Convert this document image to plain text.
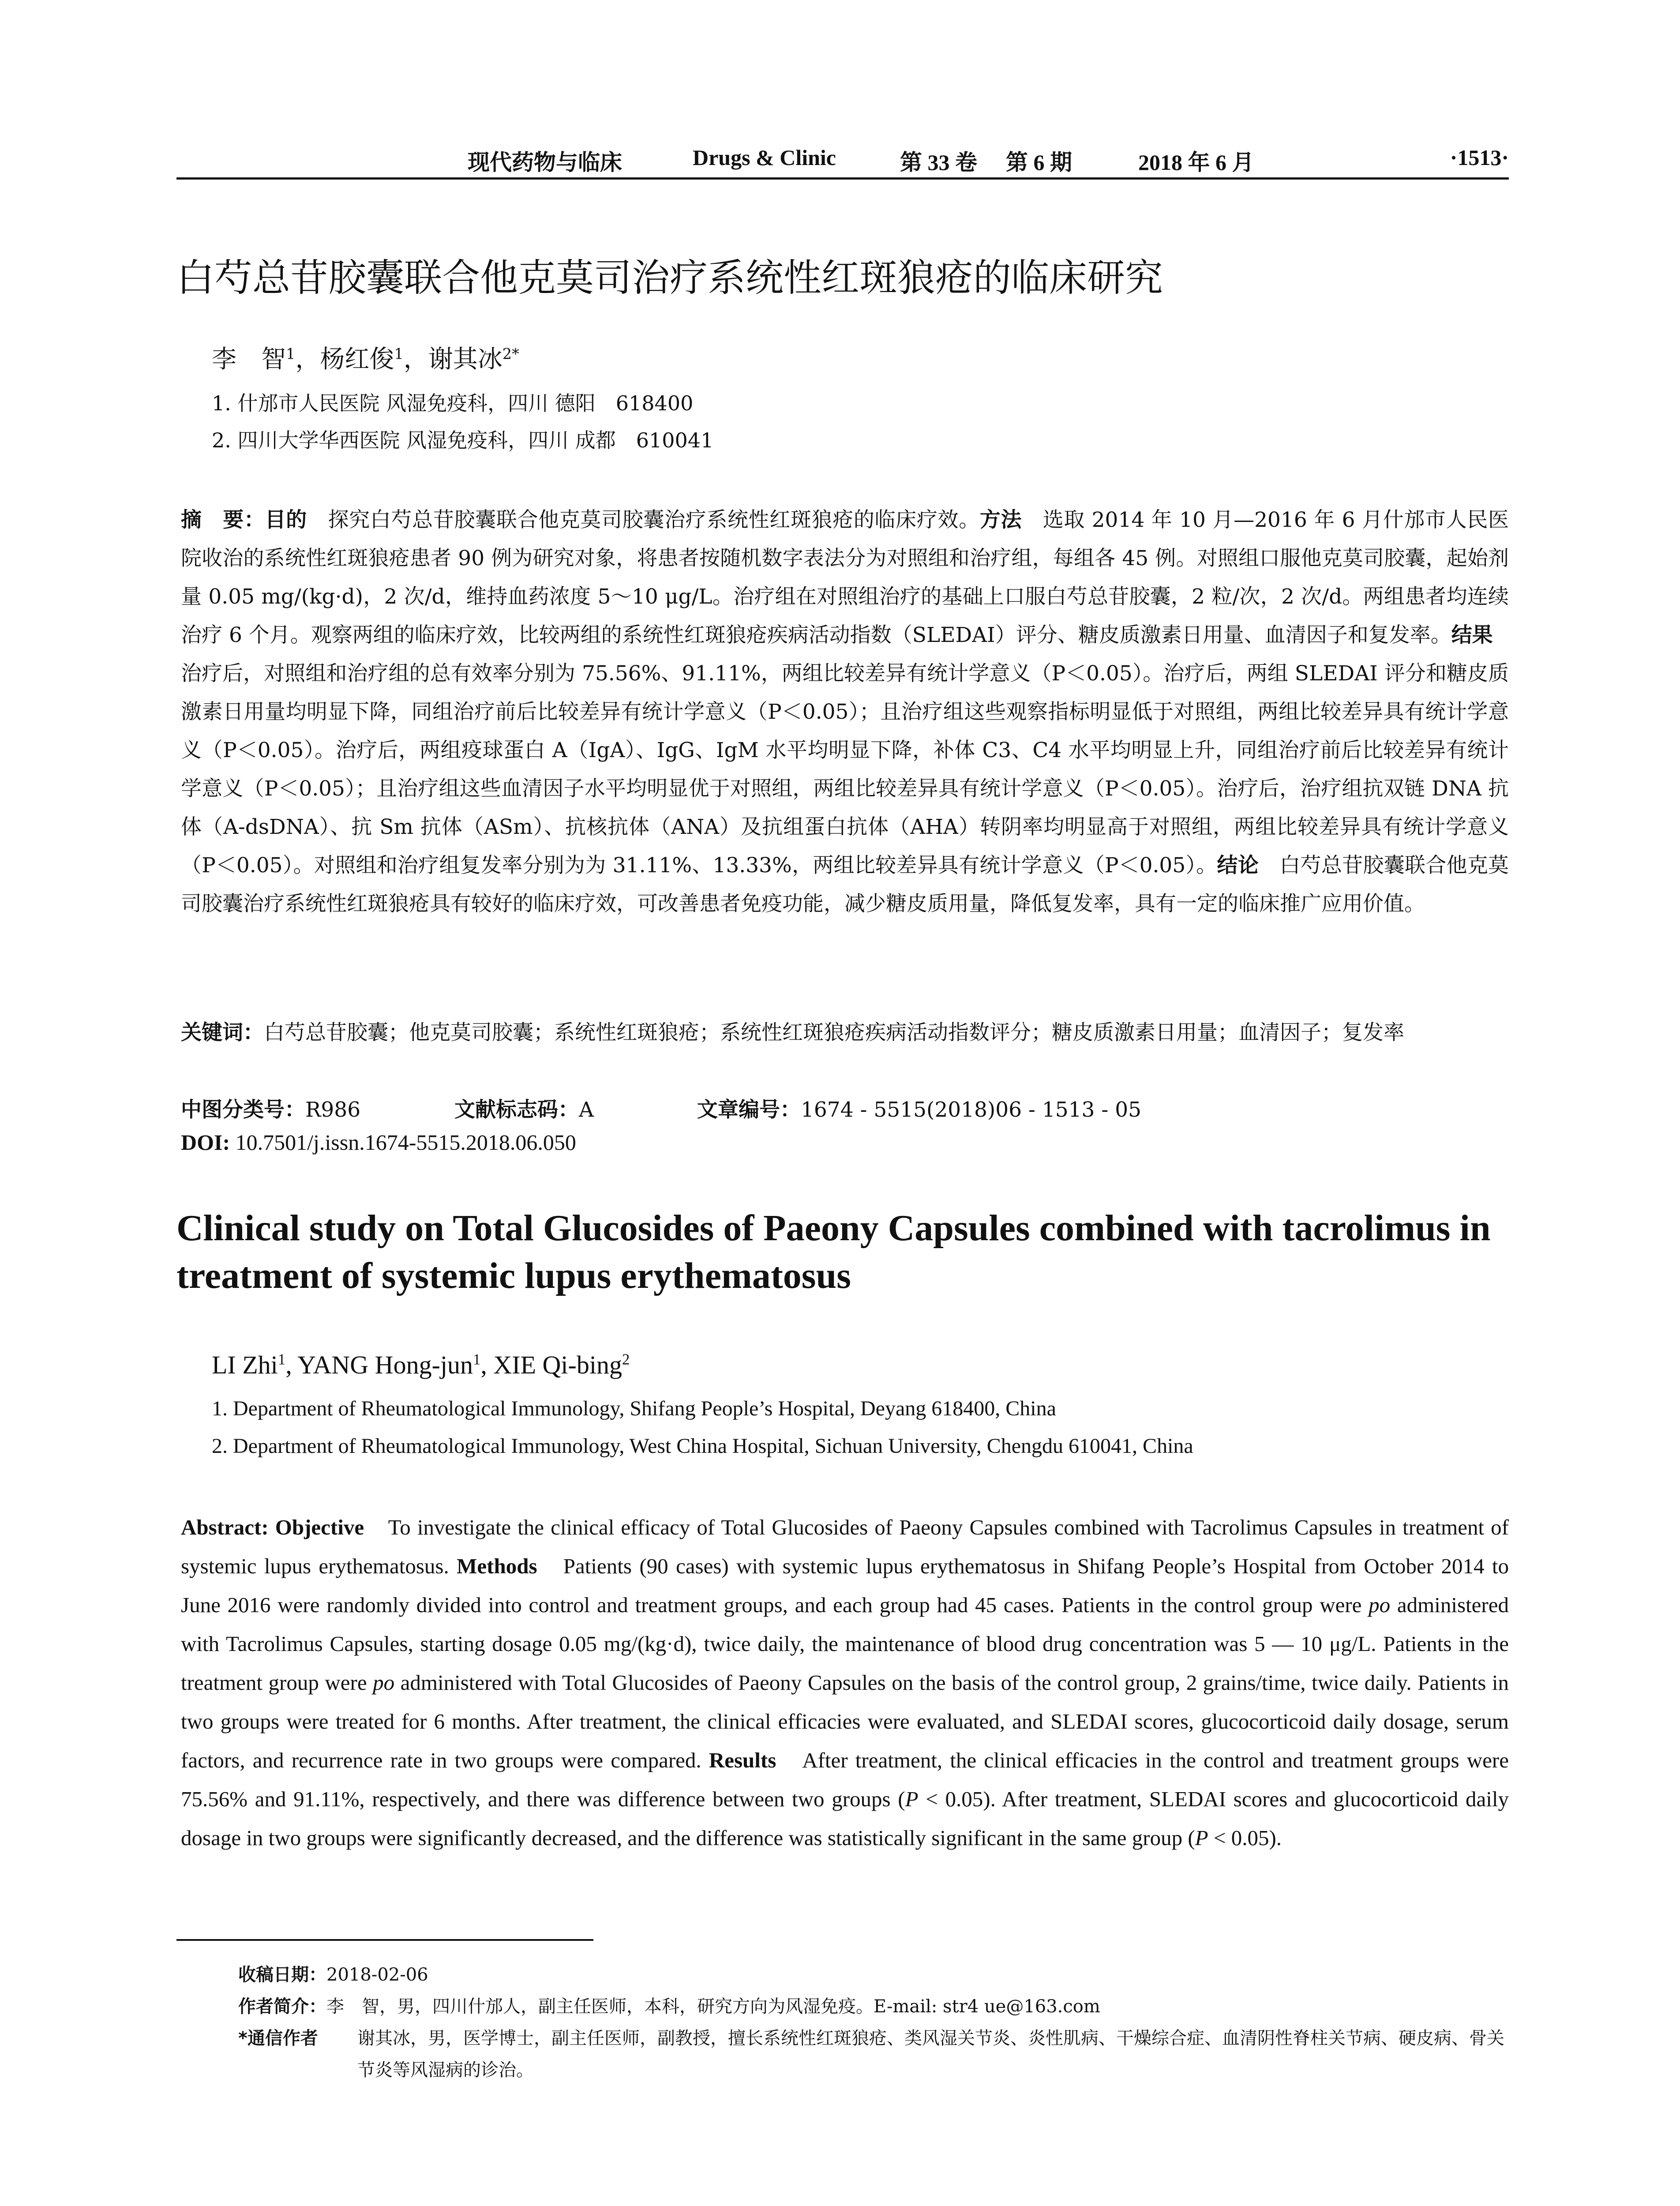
现代药物与临床	Drugs & Clinic	第 33 卷 第 6 期	2018 年 6 月	·1513·
白芍总苷胶囊联合他克莫司治疗系统性红斑狼疮的临床研究
李　智$^1$，杨红俊$^1$，谢其冰$^{2*}$
1. 什邡市人民医院 风湿免疫科，四川 德阳　618400
2. 四川大学华西医院 风湿免疫科，四川 成都　610041
摘　要：目的　探究白芍总苷胶囊联合他克莫司胶囊治疗系统性红斑狼疮的临床疗效。方法　选取 2014 年 10 月—2016 年 6 月什邡市人民医院收治的系统性红斑狼疮患者 90 例为研究对象，将患者按随机数字表法分为对照组和治疗组，每组各 45 例。对照组口服他克莫司胶囊，起始剂量 0.05 mg/(kg·d)，2 次/d，维持血药浓度 5～10 μg/L。治疗组在对照组治疗的基础上口服白芍总苷胶囊，2 粒/次，2 次/d。两组患者均连续治疗 6 个月。观察两组的临床疗效，比较两组的系统性红斑狼疮疾病活动指数（SLEDAI）评分、糖皮质激素日用量、血清因子和复发率。结果　治疗后，对照组和治疗组的总有效率分别为 75.56%、91.11%，两组比较差异有统计学意义（P＜0.05）。治疗后，两组 SLEDAI 评分和糖皮质激素日用量均明显下降，同组治疗前后比较差异有统计学意义（P＜0.05）；且治疗组这些观察指标明显低于对照组，两组比较差异具有统计学意义（P＜0.05）。治疗后，两组疫球蛋白 A（IgA）、IgG、IgM 水平均明显下降，补体 C3、C4 水平均明显上升，同组治疗前后比较差异有统计学意义（P＜0.05）；且治疗组这些血清因子水平均明显优于对照组，两组比较差异具有统计学意义（P＜0.05）。治疗后，治疗组抗双链 DNA 抗体（A-dsDNA）、抗 Sm 抗体（ASm）、抗核抗体（ANA）及抗组蛋白抗体（AHA）转阴率均明显高于对照组，两组比较差异具有统计学意义（P＜0.05）。对照组和治疗组复发率分别为为 31.11%、13.33%，两组比较差异具有统计学意义（P＜0.05）。结论　白芍总苷胶囊联合他克莫司胶囊治疗系统性红斑狼疮具有较好的临床疗效，可改善患者免疫功能，减少糖皮质用量，降低复发率，具有一定的临床推广应用价值。
关键词：白芍总苷胶囊；他克莫司胶囊；系统性红斑狼疮；系统性红斑狼疮疾病活动指数评分；糖皮质激素日用量；血清因子；复发率
中图分类号：R986	文献标志码：A	文章编号：1674 - 5515(2018)06 - 1513 - 05
DOI: 10.7501/j.issn.1674-5515.2018.06.050
Clinical study on Total Glucosides of Paeony Capsules combined with tacrolimus in treatment of systemic lupus erythematosus
LI Zhi$^1$, YANG Hong-jun$^1$, XIE Qi-bing$^2$
1. Department of Rheumatological Immunology, Shifang People’s Hospital, Deyang 618400, China
2. Department of Rheumatological Immunology, West China Hospital, Sichuan University, Chengdu 610041, China
Abstract: Objective　To investigate the clinical efficacy of Total Glucosides of Paeony Capsules combined with Tacrolimus Capsules in treatment of systemic lupus erythematosus. Methods　Patients (90 cases) with systemic lupus erythematosus in Shifang People’s Hospital from October 2014 to June 2016 were randomly divided into control and treatment groups, and each group had 45 cases. Patients in the control group were po administered with Tacrolimus Capsules, starting dosage 0.05 mg/(kg·d), twice daily, the maintenance of blood drug concentration was 5 — 10 μg/L. Patients in the treatment group were po administered with Total Glucosides of Paeony Capsules on the basis of the control group, 2 grains/time, twice daily. Patients in two groups were treated for 6 months. After treatment, the clinical efficacies were evaluated, and SLEDAI scores, glucocorticoid daily dosage, serum factors, and recurrence rate in two groups were compared. Results　After treatment, the clinical efficacies in the control and treatment groups were 75.56% and 91.11%, respectively, and there was difference between two groups (P < 0.05). After treatment, SLEDAI scores and glucocorticoid daily dosage in two groups were significantly decreased, and the difference was statistically significant in the same group (P < 0.05).
收稿日期：2018-02-06
作者简介：李　智，男，四川什邡人，副主任医师，本科，研究方向为风湿免疫。E-mail: str4 ue@163.com
*通信作者	谢其冰，男，医学博士，副主任医师，副教授，擅长系统性红斑狼疮、类风湿关节炎、炎性肌病、干燥综合症、血清阴性脊柱关节病、硬皮病、骨关节炎等风湿病的诊治。
